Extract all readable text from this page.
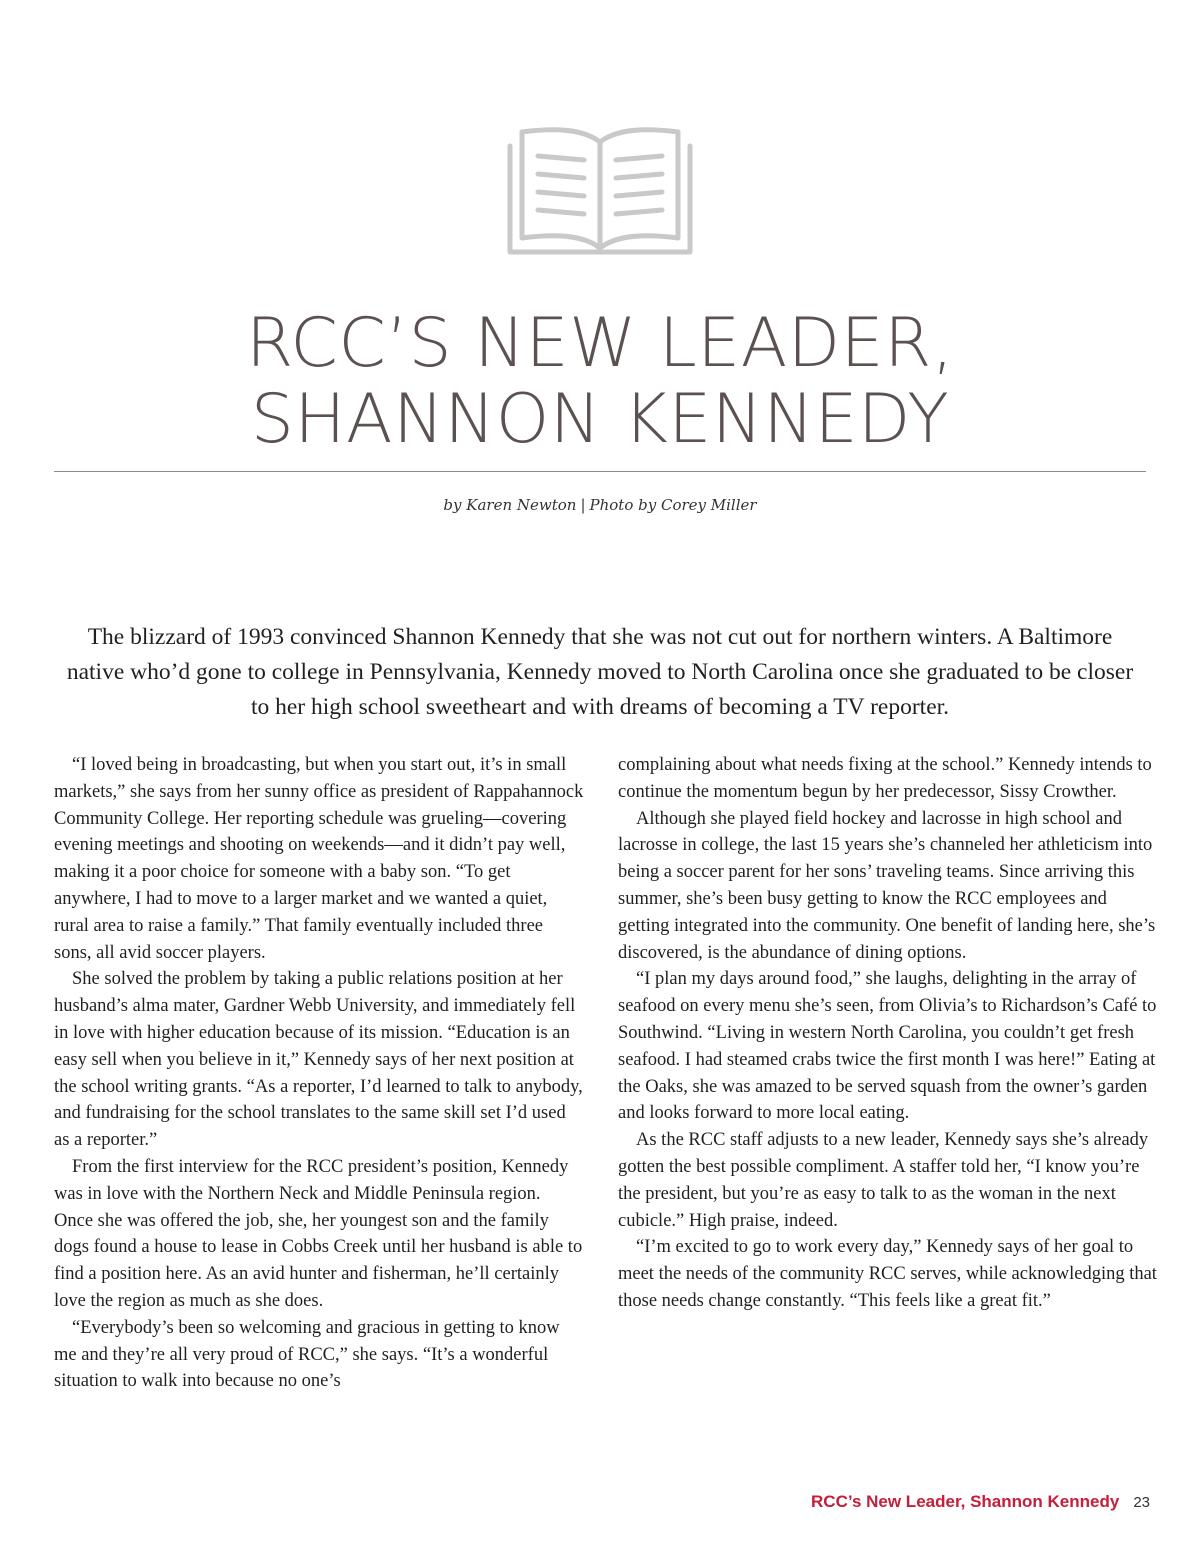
RCC’S NEW LEADER,
SHANNON KENNEDY
by Karen Newton | Photo by Corey Miller

The blizzard of 1993 convinced Shannon Kennedy that she was not cut out for northern winters. A Baltimore native who’d gone to college in Pennsylvania, Kennedy moved to North Carolina once she graduated to be closer to her high school sweetheart and with dreams of becoming a TV reporter.

“I loved being in broadcasting, but when you start out, it’s in small markets,” she says from her sunny office as president of Rappahannock Community College. Her reporting schedule was grueling—covering evening meetings and shooting on weekends—and it didn’t pay well, making it a poor choice for someone with a baby son. “To get anywhere, I had to move to a larger market and we wanted a quiet, rural area to raise a family.” That family eventually included three sons, all avid soccer players.

She solved the problem by taking a public relations position at her husband’s alma mater, Gardner Webb University, and immediately fell in love with higher education because of its mission. “Education is an easy sell when you believe in it,” Kennedy says of her next position at the school writing grants. “As a reporter, I’d learned to talk to anybody, and fundraising for the school translates to the same skill set I’d used as a reporter.”

From the first interview for the RCC president’s position, Kennedy was in love with the Northern Neck and Middle Peninsula region. Once she was offered the job, she, her youngest son and the family dogs found a house to lease in Cobbs Creek until her husband is able to find a position here. As an avid hunter and fisherman, he’ll certainly love the region as much as she does.

“Everybody’s been so welcoming and gracious in getting to know me and they’re all very proud of RCC,” she says. “It’s a wonderful situation to walk into because no one’s

complaining about what needs fixing at the school.” Kennedy intends to continue the momentum begun by her predecessor, Sissy Crowther.

Although she played field hockey and lacrosse in high school and lacrosse in college, the last 15 years she’s channeled her athleticism into being a soccer parent for her sons’ traveling teams. Since arriving this summer, she’s been busy getting to know the RCC employees and getting integrated into the community. One benefit of landing here, she’s discovered, is the abundance of dining options.

“I plan my days around food,” she laughs, delighting in the array of seafood on every menu she’s seen, from Olivia’s to Richardson’s Café to Southwind. “Living in western North Carolina, you couldn’t get fresh seafood. I had steamed crabs twice the first month I was here!” Eating at the Oaks, she was amazed to be served squash from the owner’s garden and looks forward to more local eating.

As the RCC staff adjusts to a new leader, Kennedy says she’s already gotten the best possible compliment. A staffer told her, “I know you’re the president, but you’re as easy to talk to as the woman in the next cubicle.” High praise, indeed.

“I’m excited to go to work every day,” Kennedy says of her goal to meet the needs of the community RCC serves, while acknowledging that those needs change constantly. “This feels like a great fit.”

RCC’s New Leader, Shannon Kennedy 23
